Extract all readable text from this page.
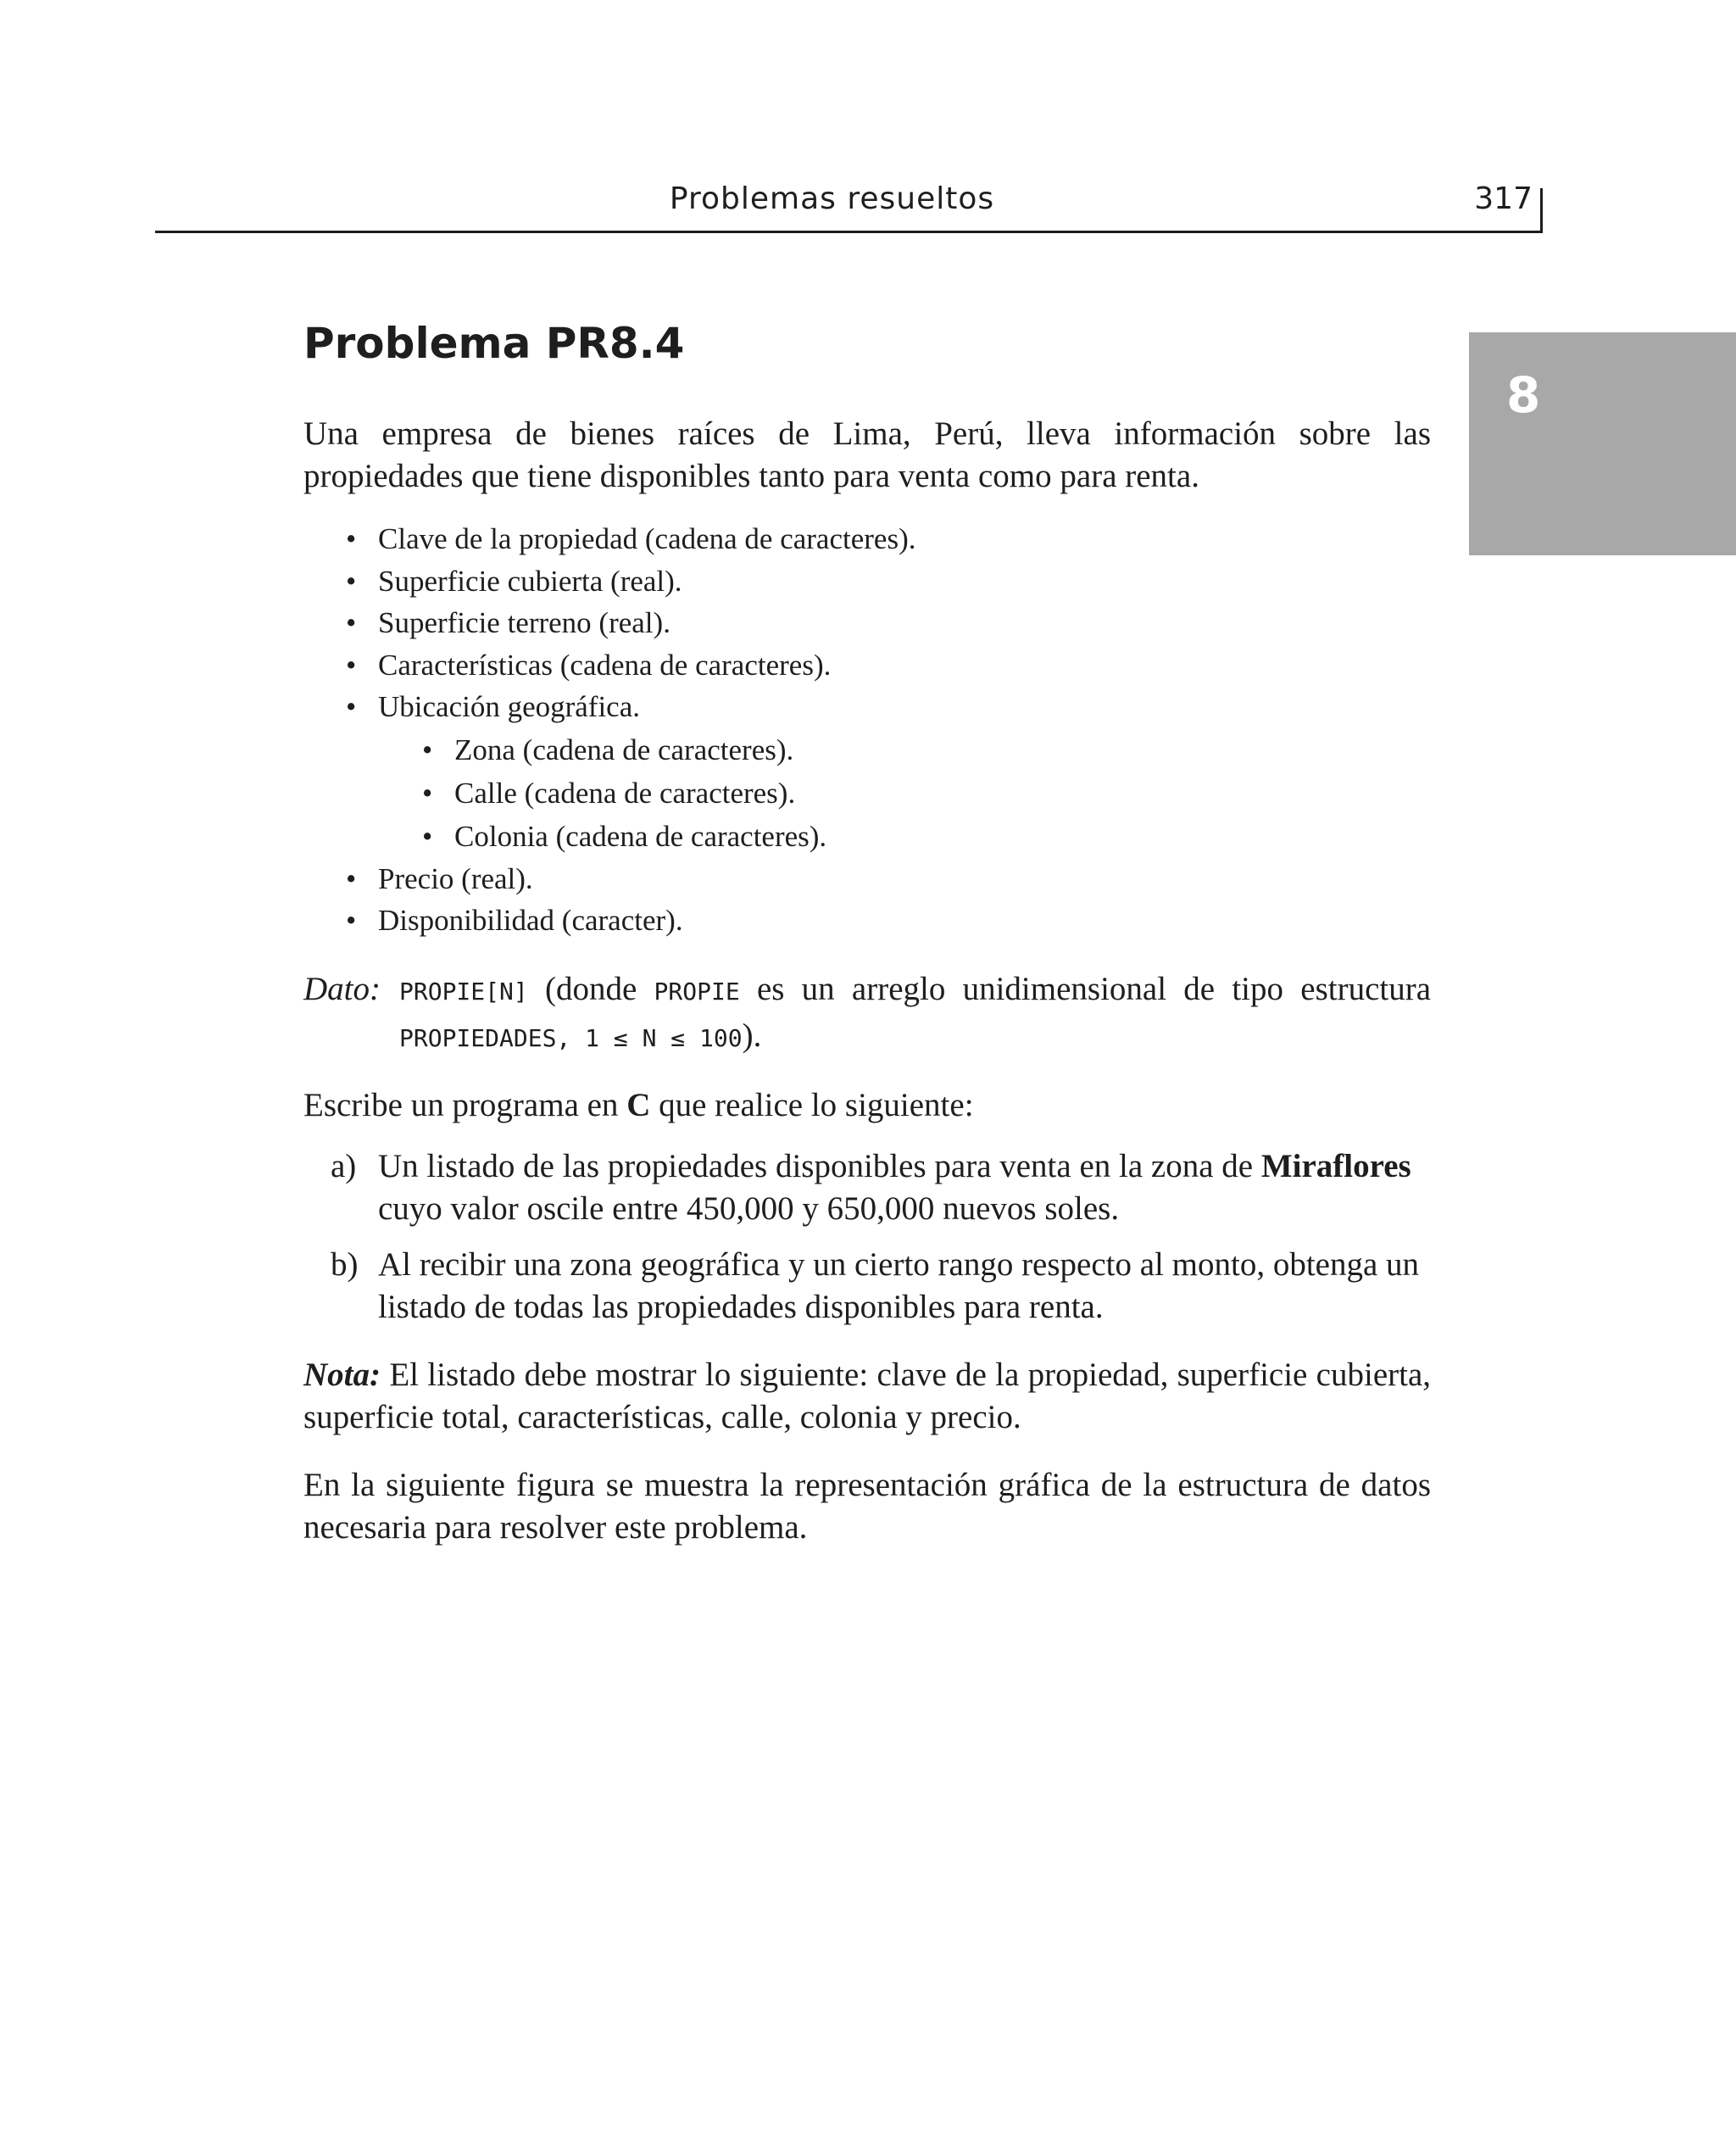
Problemas resueltos	317
8
Problema PR8.4

Una empresa de bienes raíces de Lima, Perú, lleva información sobre las propiedades que tiene disponibles tanto para venta como para renta.

• Clave de la propiedad (cadena de caracteres).
• Superficie cubierta (real).
• Superficie terreno (real).
• Características (cadena de caracteres).
• Ubicación geográfica.
• Zona (cadena de caracteres).
• Calle (cadena de caracteres).
• Colonia (cadena de caracteres).
• Precio (real).
• Disponibilidad (caracter).
Dato: PROPIE[N] (donde PROPIE es un arreglo unidimensional de tipo estructura PROPIEDADES, 1 ≤ N ≤ 100).

Escribe un programa en C que realice lo siguiente:

a) Un listado de las propiedades disponibles para venta en la zona de Miraflores cuyo valor oscile entre 450,000 y 650,000 nuevos soles.
b) Al recibir una zona geográfica y un cierto rango respecto al monto, obtenga un listado de todas las propiedades disponibles para renta.

Nota: El listado debe mostrar lo siguiente: clave de la propiedad, superficie cubierta, superficie total, características, calle, colonia y precio.

En la siguiente figura se muestra la representación gráfica de la estructura de datos necesaria para resolver este problema.
